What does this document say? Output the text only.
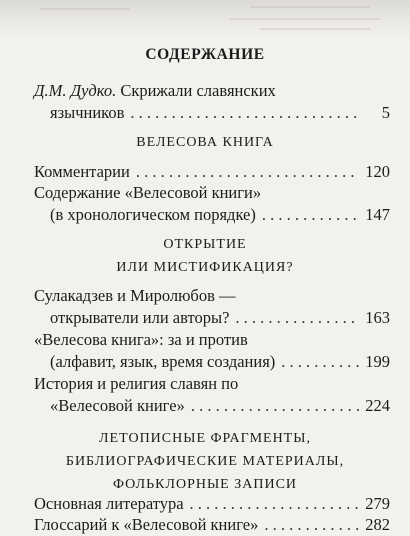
СОДЕРЖАНИЕ
Д.М. Дудко. Скрижали славянских
язычников . . .	5
ВЕЛЕСОВА КНИГА
Комментарии . . .	120
Содержание «Велесовой книги»
(в хронологическом порядке) . . .	147
ОТКРЫТИЕ
ИЛИ МИСТИФИКАЦИЯ?
Сулакадзев и Миролюбов —
открыватели или авторы? . . .	163
«Велесова книга»: за и против
(алфавит, язык, время создания) . . .	199
История и религия славян по
«Велесовой книге» . . .	224
ЛЕТОПИСНЫЕ ФРАГМЕНТЫ,
БИБЛИОГРАФИЧЕСКИЕ МАТЕРИАЛЫ,
ФОЛЬКЛОРНЫЕ ЗАПИСИ
Основная литература . . .	279
Глоссарий к «Велесовой книге» . . .	282
